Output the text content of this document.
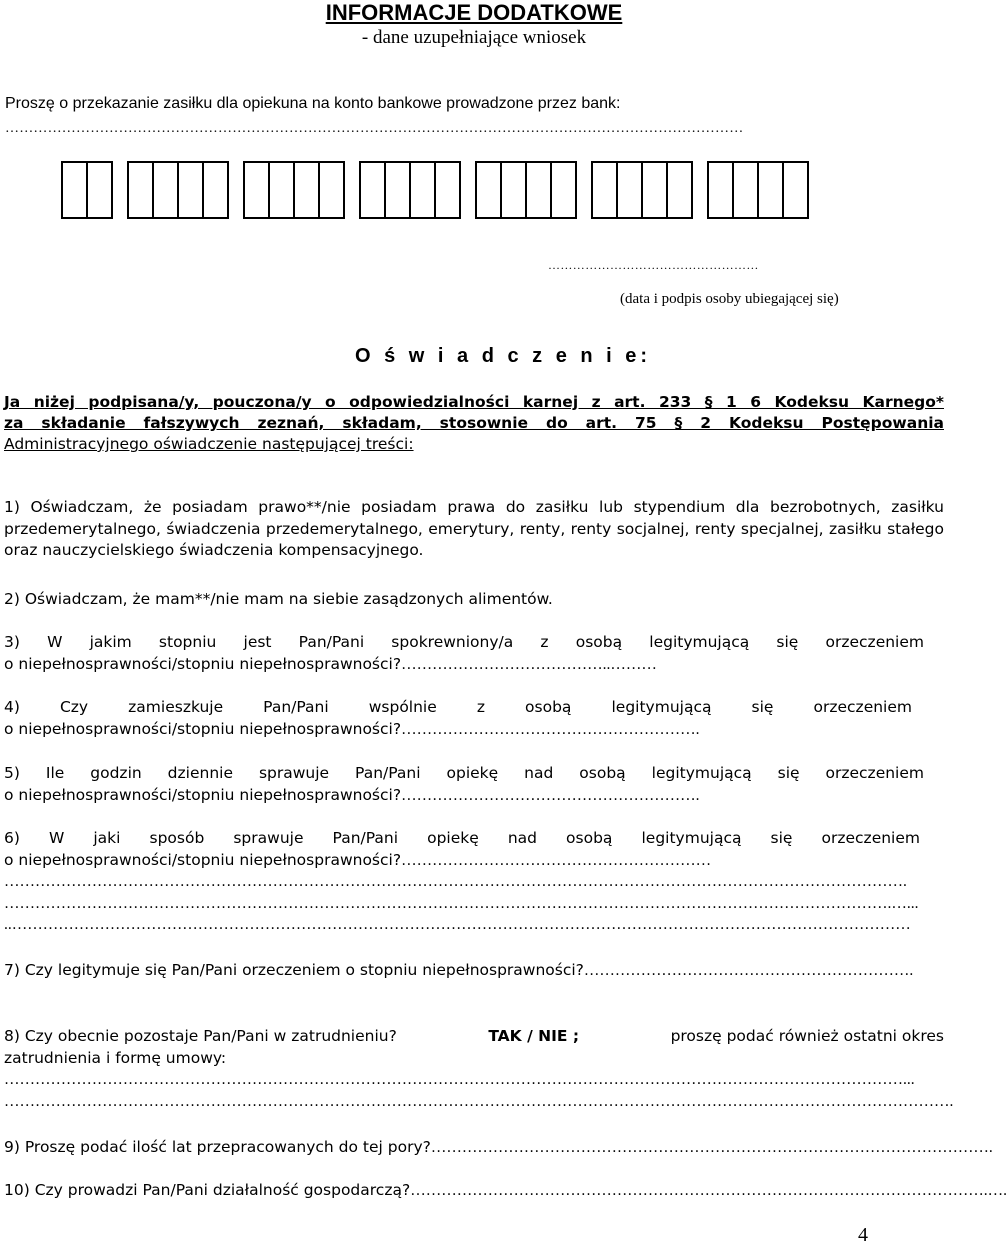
INFORMACJE DODATKOWE
- dane uzupełniające wniosek
Proszę o przekazanie zasiłku dla opiekuna na konto bankowe prowadzone przez bank:
…………………………………………………………………………………………………………………………………………
……………………………………………
(data i podpis osoby ubiegającej się)
O ś w i a d c z e n i e:
Ja niżej podpisana/y, pouczona/y o odpowiedzialności karnej z art. 233 § 1 6 Kodeksu Karnego*
za składanie fałszywych zeznań, składam, stosownie do art. 75 § 2 Kodeksu Postępowania
Administracyjnego oświadczenie następującej treści:
1) Oświadczam, że posiadam prawo**/nie posiadam prawa do zasiłku lub stypendium dla bezrobotnych, zasiłku przedemerytalnego, świadczenia przedemerytalnego, emerytury, renty, renty socjalnej, renty specjalnej, zasiłku stałego oraz nauczycielskiego świadczenia kompensacyjnego.
2) Oświadczam, że mam**/nie mam na siebie zasądzonych alimentów.
3) W jakim stopniu jest Pan/Pani spokrewniony/a z osobą legitymującą się orzeczeniem
o niepełnosprawności/stopniu niepełnosprawności?…………………………………..………
4) Czy zamieszkuje Pan/Pani wspólnie z osobą legitymującą się orzeczeniem
o niepełnosprawności/stopniu niepełnosprawności?………………………………………………….
5) Ile godzin dziennie sprawuje Pan/Pani opiekę nad osobą legitymującą się orzeczeniem
o niepełnosprawności/stopniu niepełnosprawności?………………………………………………….
6) W jaki sposób sprawuje Pan/Pani opiekę nad osobą legitymującą się orzeczeniem
o niepełnosprawności/stopniu niepełnosprawności?……………………………………………………
………………………………………………………………………………………………………………………………………………………….
……………………………………………………………………………………………………………………………………………………….…...
..…………………………………………………………………………………………………………………………………………………………
7) Czy legitymuje się Pan/Pani orzeczeniem o stopniu niepełnosprawności?……………………………………………………….
8) Czy obecnie pozostaje Pan/Pani w zatrudnieniu?	TAK / NIE ;	proszę podać również ostatni okres
zatrudnienia i formę umowy:
…………………………………………………………………………………………………………………………………………………………...
………………………………………………………………………………………………………………………………………………………………….
9) Proszę podać ilość lat przepracowanych do tej pory?……………………………………………………………………………………………….
10) Czy prowadzi Pan/Pani działalność gospodarczą?………………………………………………………………………………………………….….
4
